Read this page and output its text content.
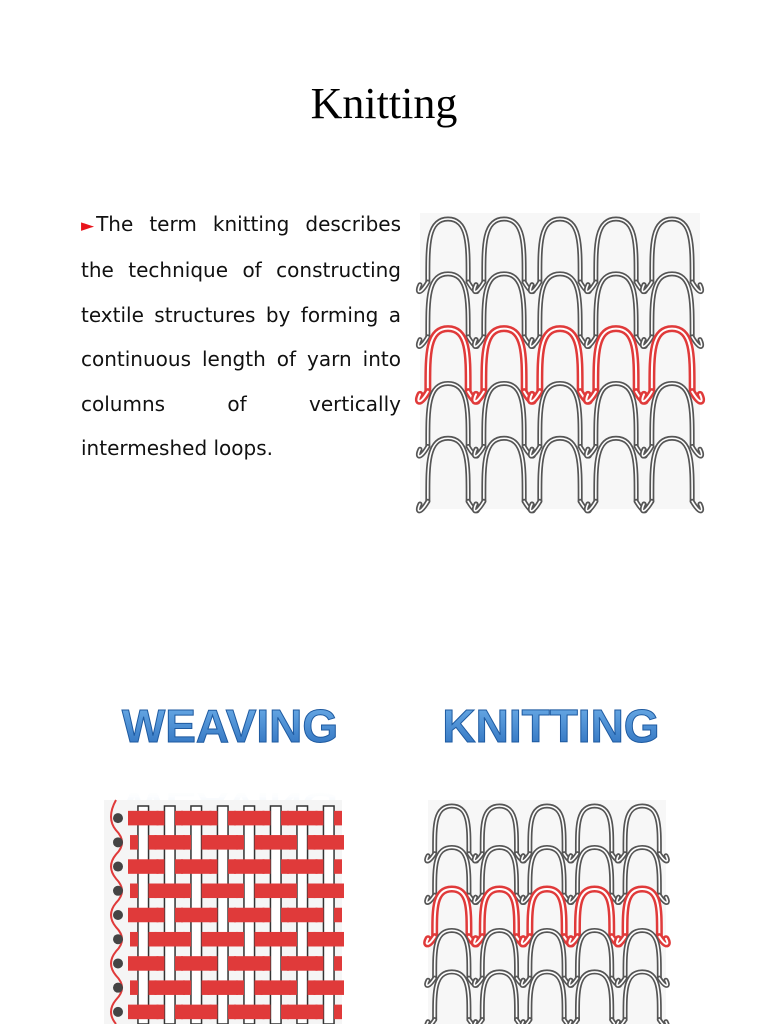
Knitting
► The term knitting describes the technique of constructing textile structures by forming a continuous length of yarn into columns of vertically intermeshed loops.
WEAVING KNITTING
